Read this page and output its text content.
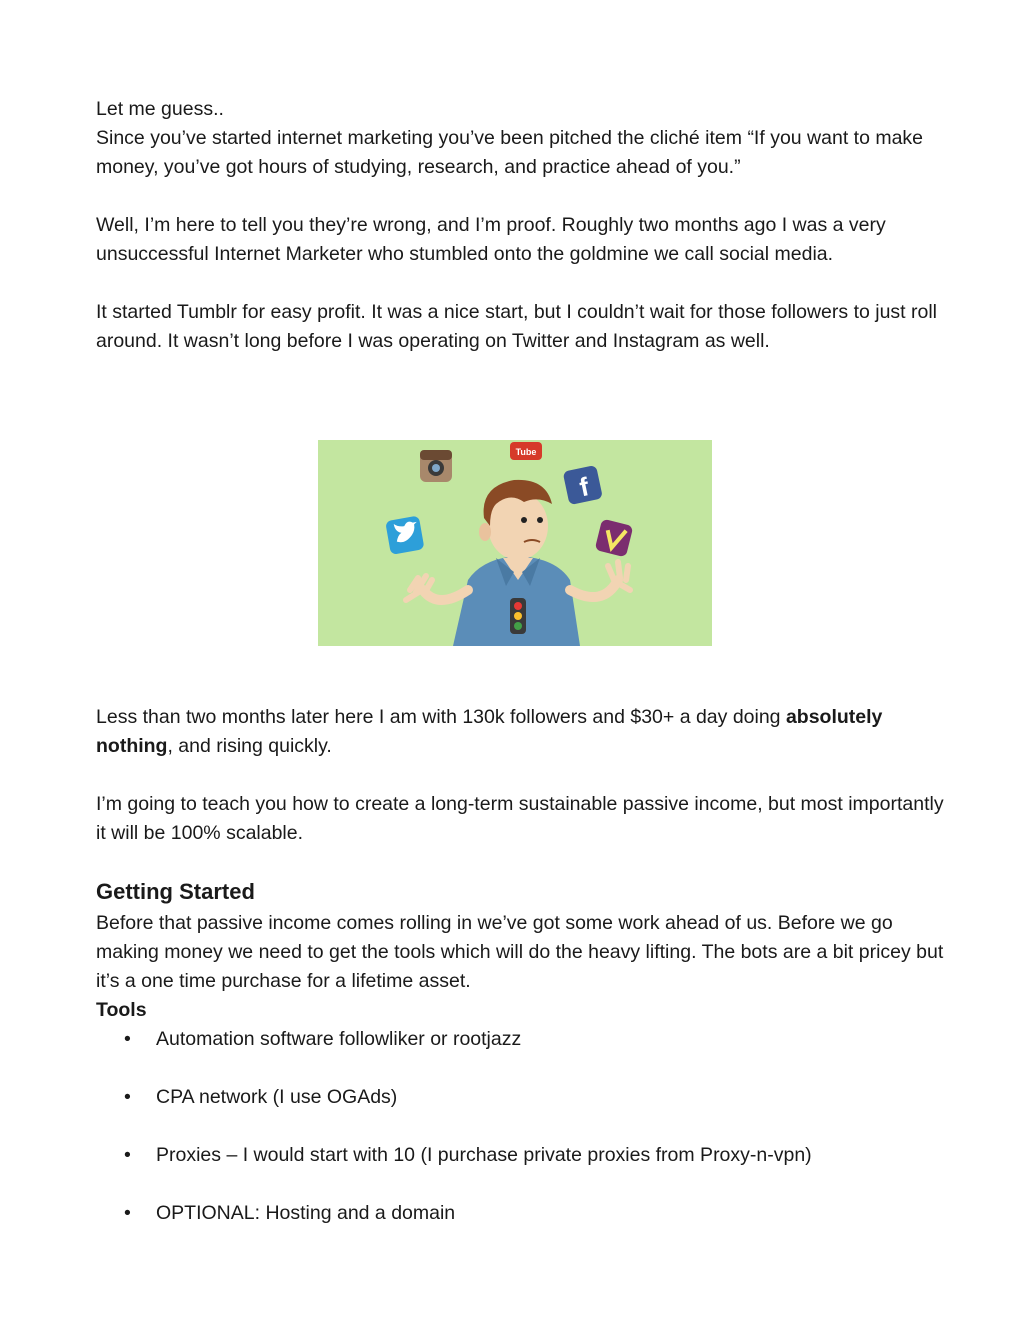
Let me guess..

Since you’ve started internet marketing you’ve been pitched the cliché item “If you want to make money, you’ve got hours of studying, research, and practice ahead of you.”

Well, I’m here to tell you they’re wrong, and I’m proof. Roughly two months ago I was a very unsuccessful Internet Marketer who stumbled onto the goldmine we call social media.

It started Tumblr for easy profit. It was a nice start, but I couldn’t wait for those followers to just roll around. It wasn’t long before I was operating on Twitter and Instagram as well.

Tube
f

Less than two months later here I am with 130k followers and $30+ a day doing absolutely nothing, and rising quickly.

I’m going to teach you how to create a long-term sustainable passive income, but most importantly it will be 100% scalable.

Getting Started

Before that passive income comes rolling in we’ve got some work ahead of us. Before we go making money we need to get the tools which will do the heavy lifting. The bots are a bit pricey but it’s a one time purchase for a lifetime asset.

Tools

• Automation software followliker or rootjazz
• CPA network (I use OGAds)
• Proxies – I would start with 10 (I purchase private proxies from Proxy-n-vpn)
• OPTIONAL: Hosting and a domain
